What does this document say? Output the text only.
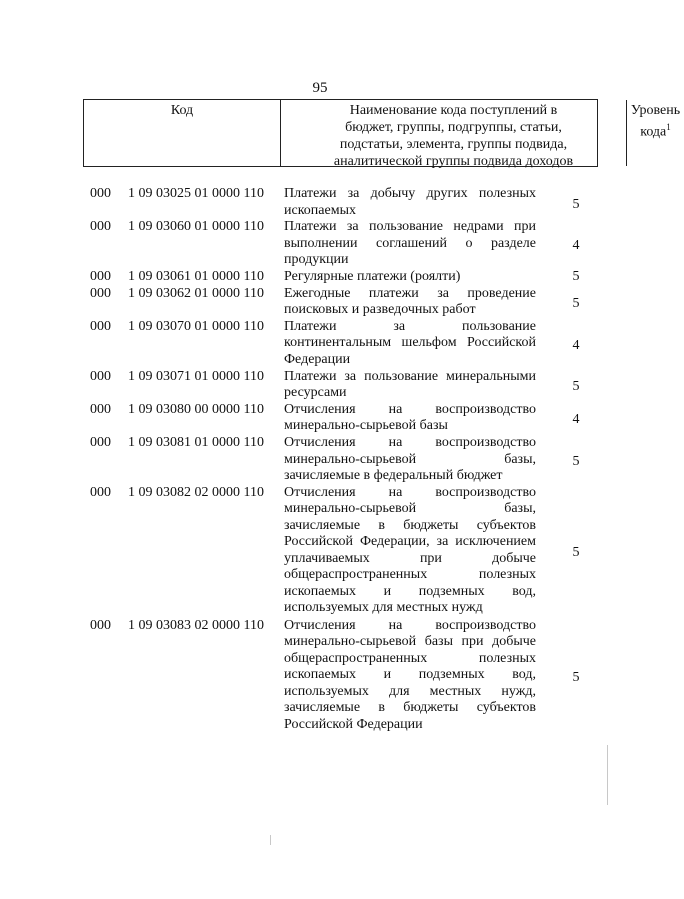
95
Код	Наименование кода поступлений в
бюджет, группы, подгруппы, статьи,
подстатьи, элемента, группы подвида,
аналитической группы подвида доходов
Уровень
кода$^1$
000	1 09 03025 01 0000 110	Платежи за добычу других полезных
ископаемых	5
000	1 09 03060 01 0000 110	Платежи за пользование недрами при
выполнении соглашений о разделе
продукции
4
000	1 09 03061 01 0000 110	Регулярные платежи (роялти)	5
000	1 09 03062 01 0000 110	Ежегодные платежи за проведение
поисковых и разведочных работ	5
000	1 09 03070 01 0000 110	Платежи за пользование
континентальным шельфом Российской
Федерации
4
000	1 09 03071 01 0000 110	Платежи за пользование минеральными
ресурсами	5
000	1 09 03080 00 0000 110	Отчисления на воспроизводство
минерально-сырьевой базы	4
000	1 09 03081 01 0000 110	Отчисления на воспроизводство
минерально-сырьевой базы,
зачисляемые в федеральный бюджет
5
000	1 09 03082 02 0000 110	Отчисления на воспроизводство
минерально-сырьевой базы,
зачисляемые в бюджеты субъектов
Российской Федерации, за исключением
уплачиваемых при добыче
общераспространенных полезных
ископаемых и подземных вод,
используемых для местных нужд
5
000	1 09 03083 02 0000 110	Отчисления на воспроизводство
минерально-сырьевой базы при добыче
общераспространенных полезных
ископаемых и подземных вод,
используемых для местных нужд,
зачисляемые в бюджеты субъектов
Российской Федерации
5
